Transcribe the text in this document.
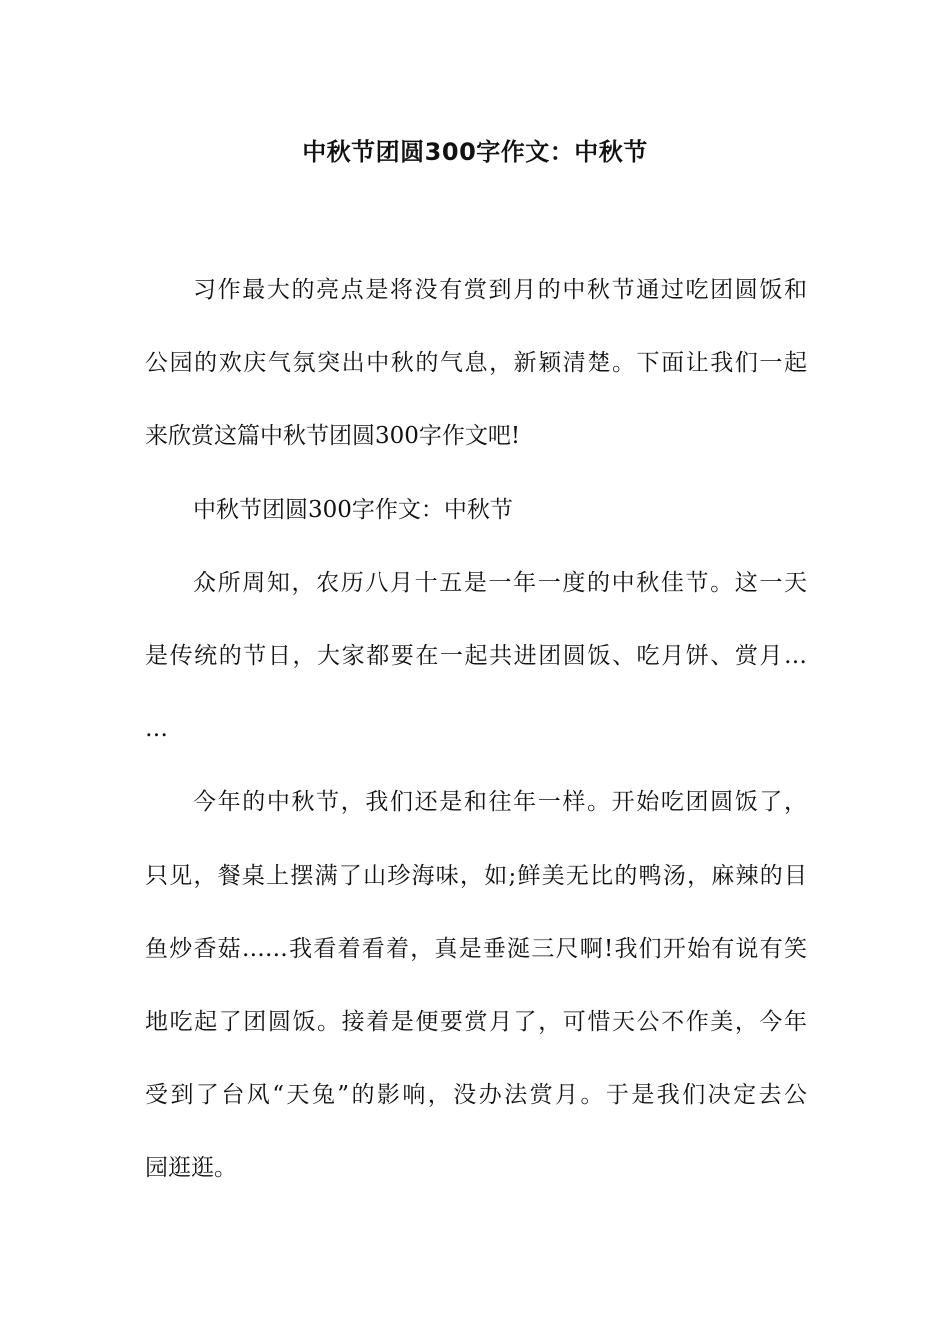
中秋节团圆300字作文：中秋节
习作最大的亮点是将没有赏到月的中秋节通过吃团圆饭和
公园的欢庆气氛突出中秋的气息，新颖清楚。下面让我们一起
来欣赏这篇中秋节团圆300字作文吧!
中秋节团圆300字作文：中秋节
众所周知，农历八月十五是一年一度的中秋佳节。这一天
是传统的节日，大家都要在一起共进团圆饭、吃月饼、赏月…
…
今年的中秋节，我们还是和往年一样。开始吃团圆饭了，
只见，餐桌上摆满了山珍海味，如;鲜美无比的鸭汤，麻辣的目
鱼炒香菇……我看着看着，真是垂涎三尺啊!我们开始有说有笑
地吃起了团圆饭。接着是便要赏月了，可惜天公不作美，今年
受到了台风“天兔”的影响，没办法赏月。于是我们决定去公
园逛逛。
